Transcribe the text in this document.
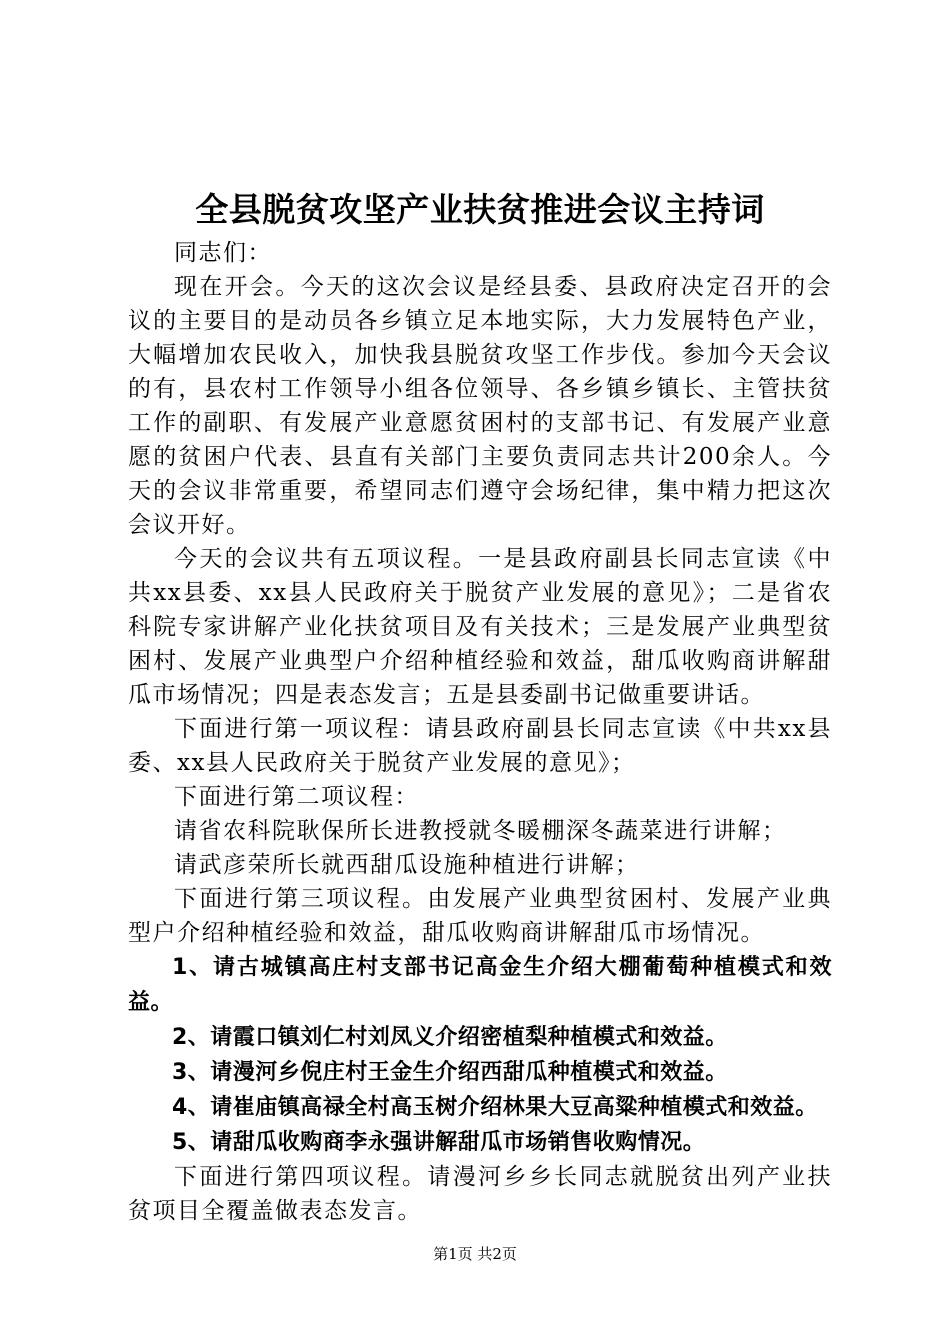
全县脱贫攻坚产业扶贫推进会议主持词

同志们：

现在开会。今天的这次会议是经县委、县政府决定召开的会议的主要目的是动员各乡镇立足本地实际，大力发展特色产业，大幅增加农民收入，加快我县脱贫攻坚工作步伐。参加今天会议的有，县农村工作领导小组各位领导、各乡镇乡镇长、主管扶贫工作的副职、有发展产业意愿贫困村的支部书记、有发展产业意愿的贫困户代表、县直有关部门主要负责同志共计200余人。今天的会议非常重要，希望同志们遵守会场纪律，集中精力把这次会议开好。

今天的会议共有五项议程。一是县政府副县长同志宣读《中共xx县委、xx县人民政府关于脱贫产业发展的意见》；二是省农科院专家讲解产业化扶贫项目及有关技术；三是发展产业典型贫困村、发展产业典型户介绍种植经验和效益，甜瓜收购商讲解甜瓜市场情况；四是表态发言；五是县委副书记做重要讲话。

下面进行第一项议程：请县政府副县长同志宣读《中共xx县委、xx县人民政府关于脱贫产业发展的意见》；

下面进行第二项议程：

请省农科院耿保所长进教授就冬暖棚深冬蔬菜进行讲解；

请武彦荣所长就西甜瓜设施种植进行讲解；

下面进行第三项议程。由发展产业典型贫困村、发展产业典型户介绍种植经验和效益，甜瓜收购商讲解甜瓜市场情况。

1、请古城镇高庄村支部书记高金生介绍大棚葡萄种植模式和效益。

2、请霞口镇刘仁村刘凤义介绍密植梨种植模式和效益。

3、请漫河乡倪庄村王金生介绍西甜瓜种植模式和效益。

4、请崔庙镇高禄全村高玉树介绍林果大豆高粱种植模式和效益。

5、请甜瓜收购商李永强讲解甜瓜市场销售收购情况。

下面进行第四项议程。请漫河乡乡长同志就脱贫出列产业扶贫项目全覆盖做表态发言。

第1页 共2页
